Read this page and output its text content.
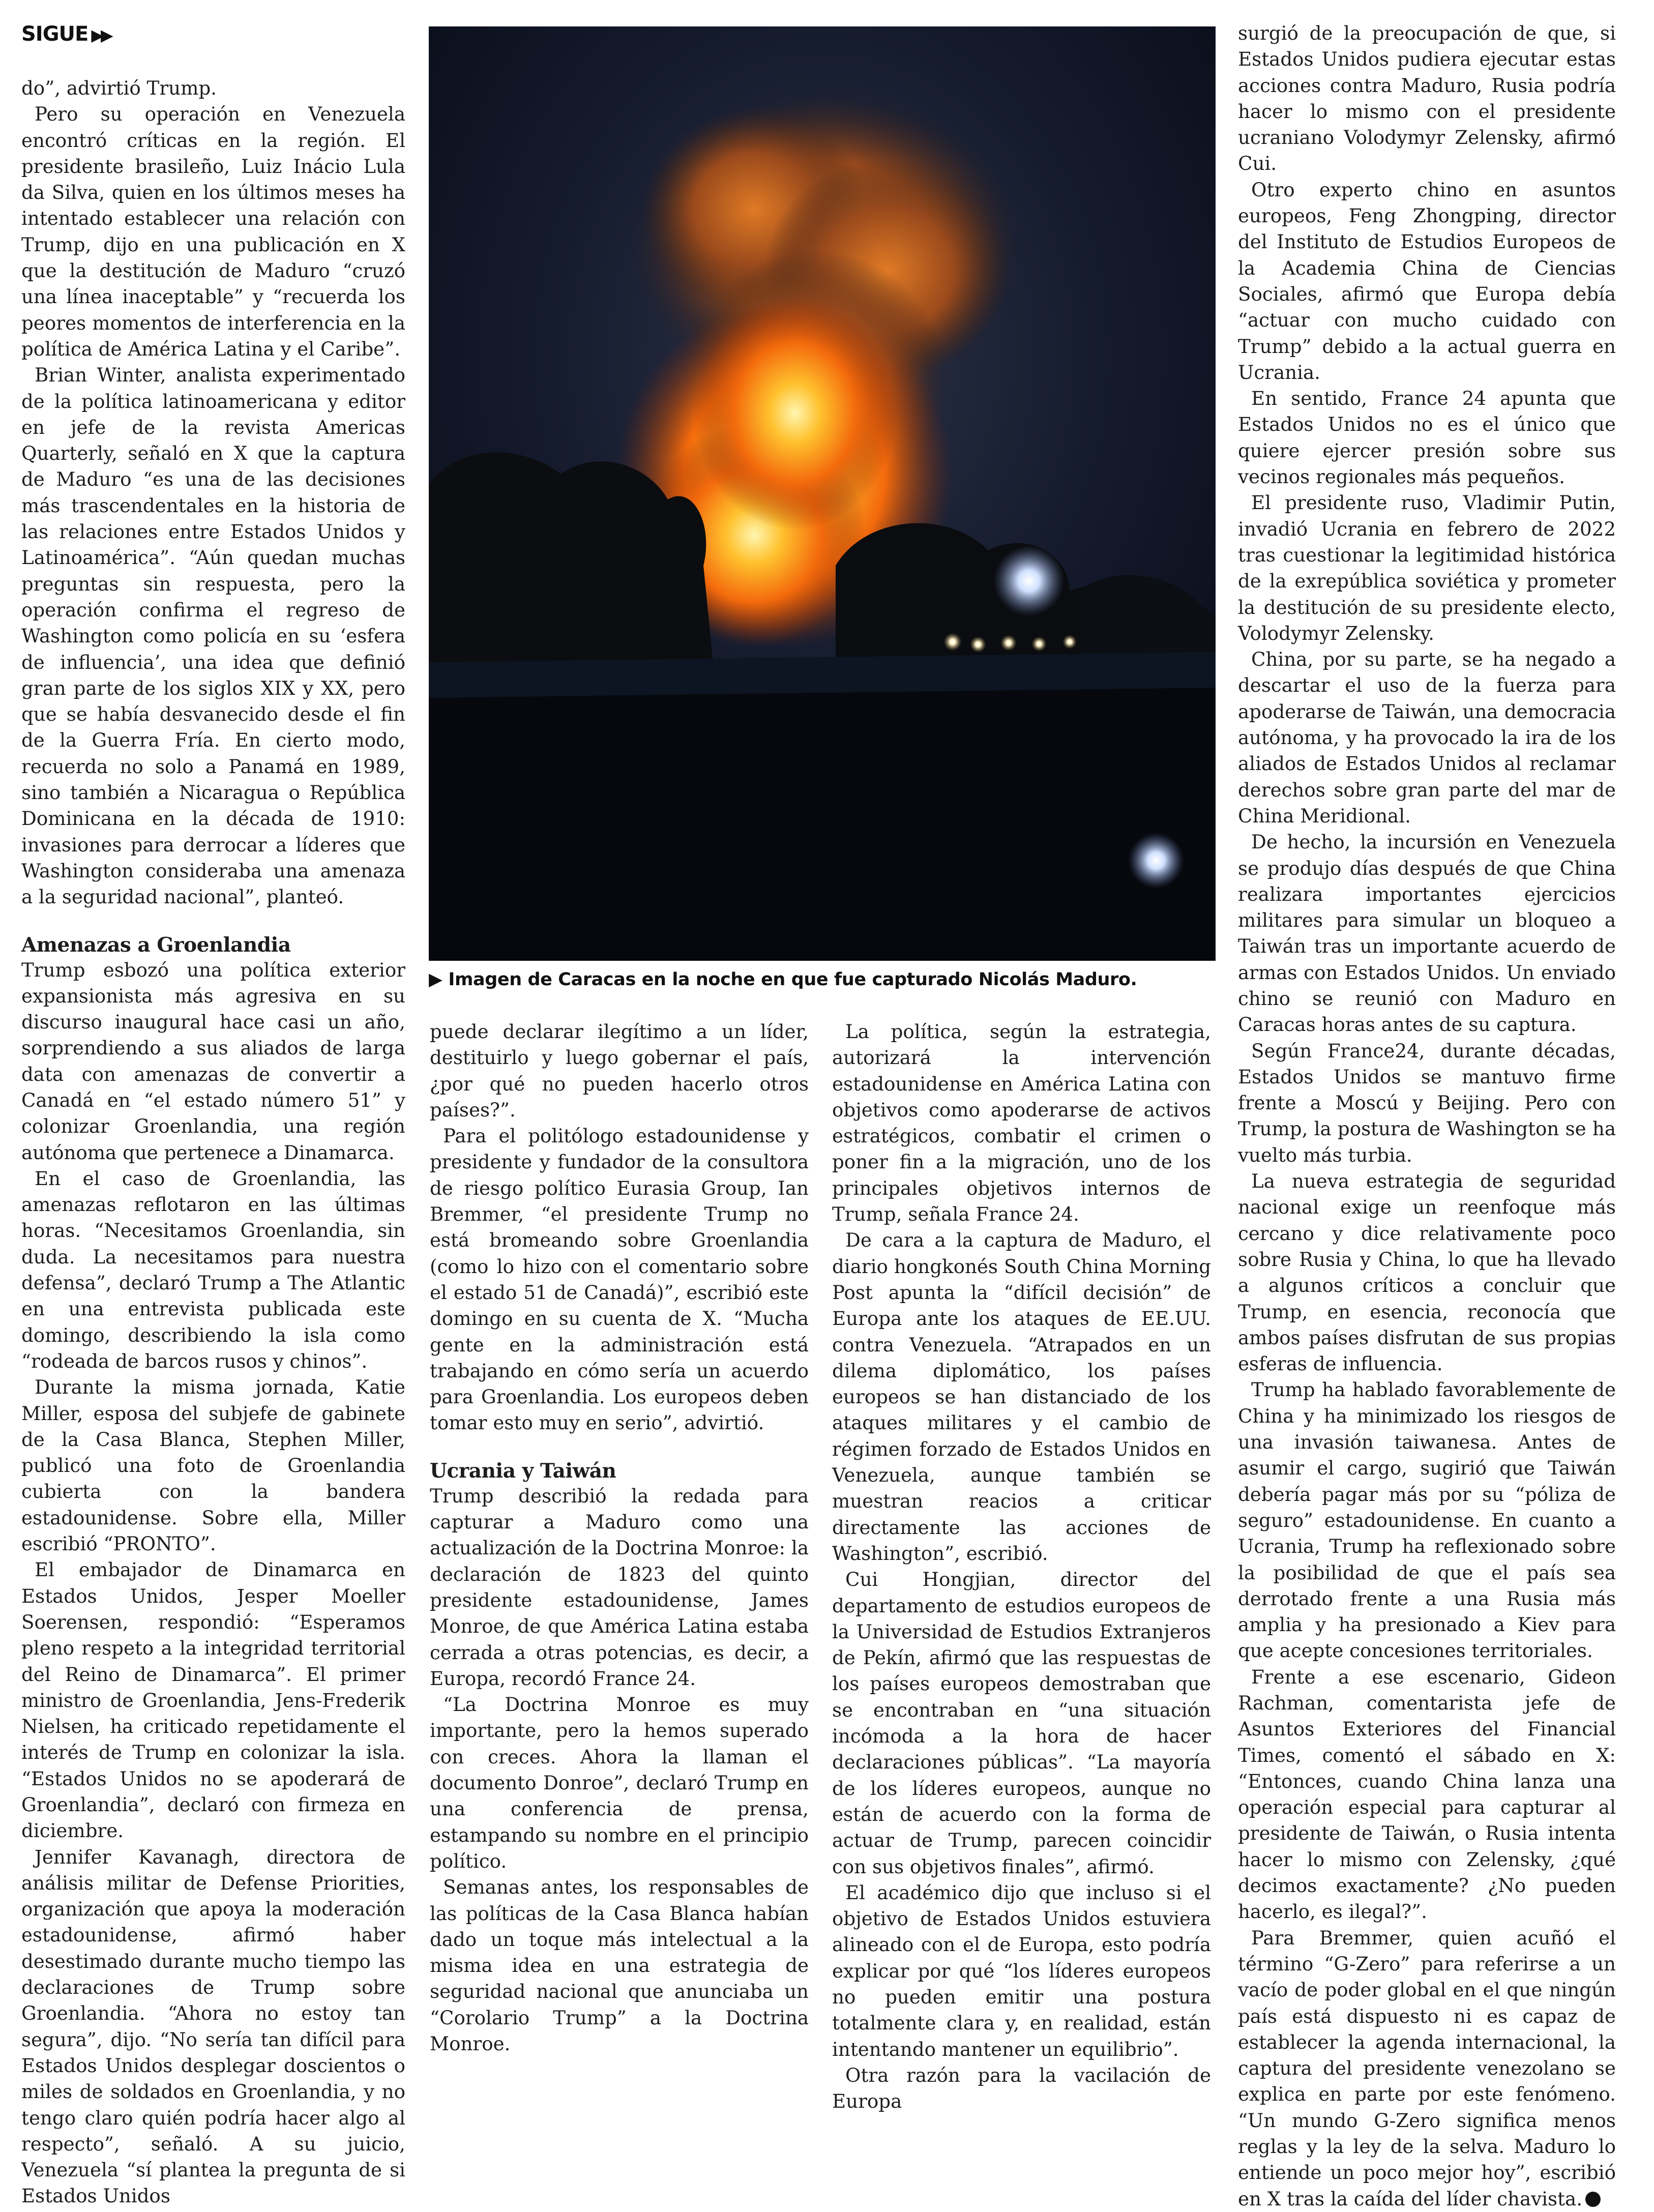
SIGUE ▶▶

do”, advirtió Trump.

Pero su operación en Venezuela encontró críticas en la región. El presidente brasileño, Luiz Inácio Lula da Silva, quien en los últimos meses ha intentado establecer una relación con Trump, dijo en una publicación en X que la destitución de Maduro “cruzó una línea inaceptable” y “recuerda los peores momentos de interferencia en la política de América Latina y el Caribe”.

Brian Winter, analista experimentado de la política latinoamericana y editor en jefe de la revista Americas Quarterly, señaló en X que la captura de Maduro “es una de las decisiones más trascendentales en la historia de las relaciones entre Estados Unidos y Latinoamérica”. “Aún quedan muchas preguntas sin respuesta, pero la operación confirma el regreso de Washington como policía en su ‘esfera de influencia’, una idea que definió gran parte de los siglos XIX y XX, pero que se había desvanecido desde el fin de la Guerra Fría. En cierto modo, recuerda no solo a Panamá en 1989, sino también a Nicaragua o República Dominicana en la década de 1910: invasiones para derrocar a líderes que Washington consideraba una amenaza a la seguridad nacional”, planteó.

Amenazas a Groenlandia

Trump esbozó una política exterior expansionista más agresiva en su discurso inaugural hace casi un año, sorprendiendo a sus aliados de larga data con amenazas de convertir a Canadá en “el estado número 51” y colonizar Groenlandia, una región autónoma que pertenece a Dinamarca.

En el caso de Groenlandia, las amenazas reflotaron en las últimas horas. “Necesitamos Groenlandia, sin duda. La necesitamos para nuestra defensa”, declaró Trump a The Atlantic en una entrevista publicada este domingo, describiendo la isla como “rodeada de barcos rusos y chinos”.

Durante la misma jornada, Katie Miller, esposa del subjefe de gabinete de la Casa Blanca, Stephen Miller, publicó una foto de Groenlandia cubierta con la bandera estadounidense. Sobre ella, Miller escribió “PRONTO”.

El embajador de Dinamarca en Estados Unidos, Jesper Moeller Soerensen, respondió: “Esperamos pleno respeto a la integridad territorial del Reino de Dinamarca”. El primer ministro de Groenlandia, Jens-Frederik Nielsen, ha criticado repetidamente el interés de Trump en colonizar la isla. “Estados Unidos no se apoderará de Groenlandia”, declaró con firmeza en diciembre.

Jennifer Kavanagh, directora de análisis militar de Defense Priorities, organización que apoya la moderación estadounidense, afirmó haber desestimado durante mucho tiempo las declaraciones de Trump sobre Groenlandia. “Ahora no estoy tan segura”, dijo. “No sería tan difícil para Estados Unidos desplegar doscientos o miles de soldados en Groenlandia, y no tengo claro quién podría hacer algo al respecto”, señaló. A su juicio, Venezuela “sí plantea la pregunta de si Estados Unidos

▶ Imagen de Caracas en la noche en que fue capturado Nicolás Maduro.

puede declarar ilegítimo a un líder, destituirlo y luego gobernar el país, ¿por qué no pueden hacerlo otros países?”.

Para el politólogo estadounidense y presidente y fundador de la consultora de riesgo político Eurasia Group, Ian Bremmer, “el presidente Trump no está bromeando sobre Groenlandia (como lo hizo con el comentario sobre el estado 51 de Canadá)”, escribió este domingo en su cuenta de X. “Mucha gente en la administración está trabajando en cómo sería un acuerdo para Groenlandia. Los europeos deben tomar esto muy en serio”, advirtió.

Ucrania y Taiwán

Trump describió la redada para capturar a Maduro como una actualización de la Doctrina Monroe: la declaración de 1823 del quinto presidente estadounidense, James Monroe, de que América Latina estaba cerrada a otras potencias, es decir, a Europa, recordó France 24.

“La Doctrina Monroe es muy importante, pero la hemos superado con creces. Ahora la llaman el documento Donroe”, declaró Trump en una conferencia de prensa, estampando su nombre en el principio político.

Semanas antes, los responsables de las políticas de la Casa Blanca habían dado un toque más intelectual a la misma idea en una estrategia de seguridad nacional que anunciaba un “Corolario Trump” a la Doctrina Monroe.

La política, según la estrategia, autorizará la intervención estadounidense en América Latina con objetivos como apoderarse de activos estratégicos, combatir el crimen o poner fin a la migración, uno de los principales objetivos internos de Trump, señala France 24.

De cara a la captura de Maduro, el diario hongkonés South China Morning Post apunta la “difícil decisión” de Europa ante los ataques de EE.UU. contra Venezuela. “Atrapados en un dilema diplomático, los países europeos se han distanciado de los ataques militares y el cambio de régimen forzado de Estados Unidos en Venezuela, aunque también se muestran reacios a criticar directamente las acciones de Washington”, escribió.

Cui Hongjian, director del departamento de estudios europeos de la Universidad de Estudios Extranjeros de Pekín, afirmó que las respuestas de los países europeos demostraban que se encontraban en “una situación incómoda a la hora de hacer declaraciones públicas”. “La mayoría de los líderes europeos, aunque no están de acuerdo con la forma de actuar de Trump, parecen coincidir con sus objetivos finales”, afirmó.

El académico dijo que incluso si el objetivo de Estados Unidos estuviera alineado con el de Europa, esto podría explicar por qué “los líderes europeos no pueden emitir una postura totalmente clara y, en realidad, están intentando mantener un equilibrio”.

Otra razón para la vacilación de Europa

surgió de la preocupación de que, si Estados Unidos pudiera ejecutar estas acciones contra Maduro, Rusia podría hacer lo mismo con el presidente ucraniano Volodymyr Zelensky, afirmó Cui.

Otro experto chino en asuntos europeos, Feng Zhongping, director del Instituto de Estudios Europeos de la Academia China de Ciencias Sociales, afirmó que Europa debía “actuar con mucho cuidado con Trump” debido a la actual guerra en Ucrania.

En sentido, France 24 apunta que Estados Unidos no es el único que quiere ejercer presión sobre sus vecinos regionales más pequeños.

El presidente ruso, Vladimir Putin, invadió Ucrania en febrero de 2022 tras cuestionar la legitimidad histórica de la exrepública soviética y prometer la destitución de su presidente electo, Volodymyr Zelensky.

China, por su parte, se ha negado a descartar el uso de la fuerza para apoderarse de Taiwán, una democracia autónoma, y ha provocado la ira de los aliados de Estados Unidos al reclamar derechos sobre gran parte del mar de China Meridional.

De hecho, la incursión en Venezuela se produjo días después de que China realizara importantes ejercicios militares para simular un bloqueo a Taiwán tras un importante acuerdo de armas con Estados Unidos. Un enviado chino se reunió con Maduro en Caracas horas antes de su captura.

Según France24, durante décadas, Estados Unidos se mantuvo firme frente a Moscú y Beijing. Pero con Trump, la postura de Washington se ha vuelto más turbia.

La nueva estrategia de seguridad nacional exige un reenfoque más cercano y dice relativamente poco sobre Rusia y China, lo que ha llevado a algunos críticos a concluir que Trump, en esencia, reconocía que ambos países disfrutan de sus propias esferas de influencia.

Trump ha hablado favorablemente de China y ha minimizado los riesgos de una invasión taiwanesa. Antes de asumir el cargo, sugirió que Taiwán debería pagar más por su “póliza de seguro” estadounidense. En cuanto a Ucrania, Trump ha reflexionado sobre la posibilidad de que el país sea derrotado frente a una Rusia más amplia y ha presionado a Kiev para que acepte concesiones territoriales.

Frente a ese escenario, Gideon Rachman, comentarista jefe de Asuntos Exteriores del Financial Times, comentó el sábado en X: “Entonces, cuando China lanza una operación especial para capturar al presidente de Taiwán, o Rusia intenta hacer lo mismo con Zelensky, ¿qué decimos exactamente? ¿No pueden hacerlo, es ilegal?”.

Para Bremmer, quien acuñó el término “G-Zero” para referirse a un vacío de poder global en el que ningún país está dispuesto ni es capaz de establecer la agenda internacional, la captura del presidente venezolano se explica en parte por este fenómeno. “Un mundo G-Zero significa menos reglas y la ley de la selva. Maduro lo entiende un poco mejor hoy”, escribió en X tras la caída del líder chavista.
